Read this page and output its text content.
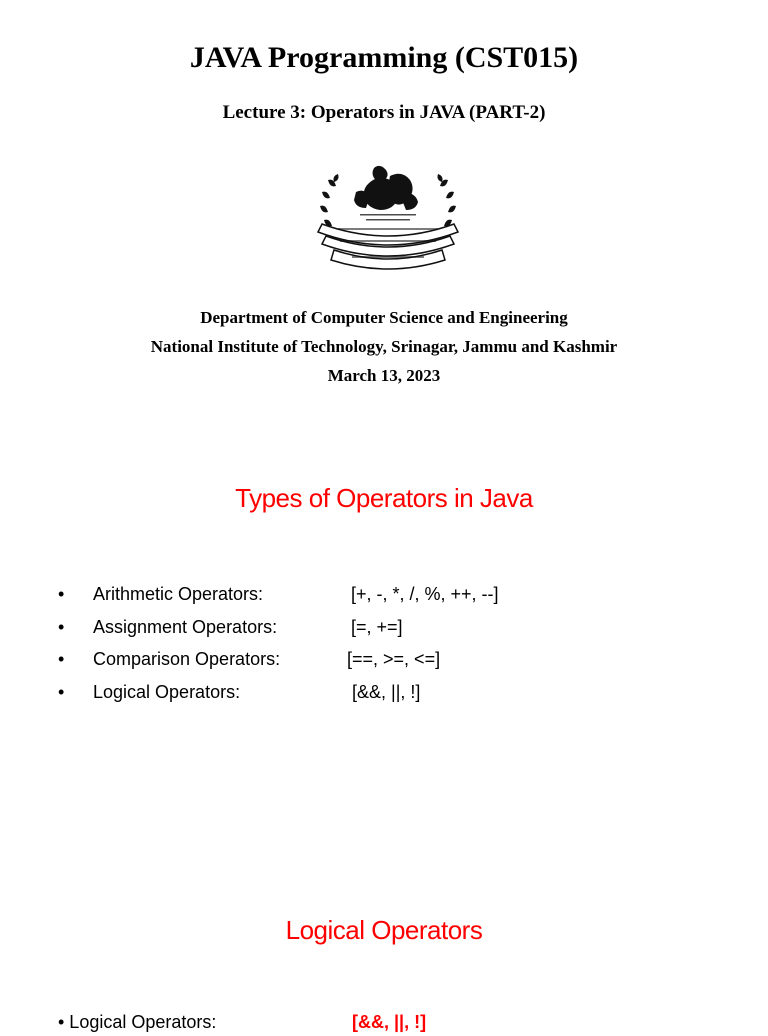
JAVA Programming (CST015)
Lecture 3: Operators in JAVA (PART-2)
Department of Computer Science and Engineering
National Institute of Technology, Srinagar, Jammu and Kashmir
March 13, 2023
Types of Operators in Java
• Arithmetic Operators:	[+, -, *, /, %, ++, --]
• Assignment Operators:	[=, +=]
• Comparison Operators:	[==, >=, <=]
• Logical Operators:	[&&, ||, !]
Logical Operators
• Logical Operators:	[&&, ||, !]
